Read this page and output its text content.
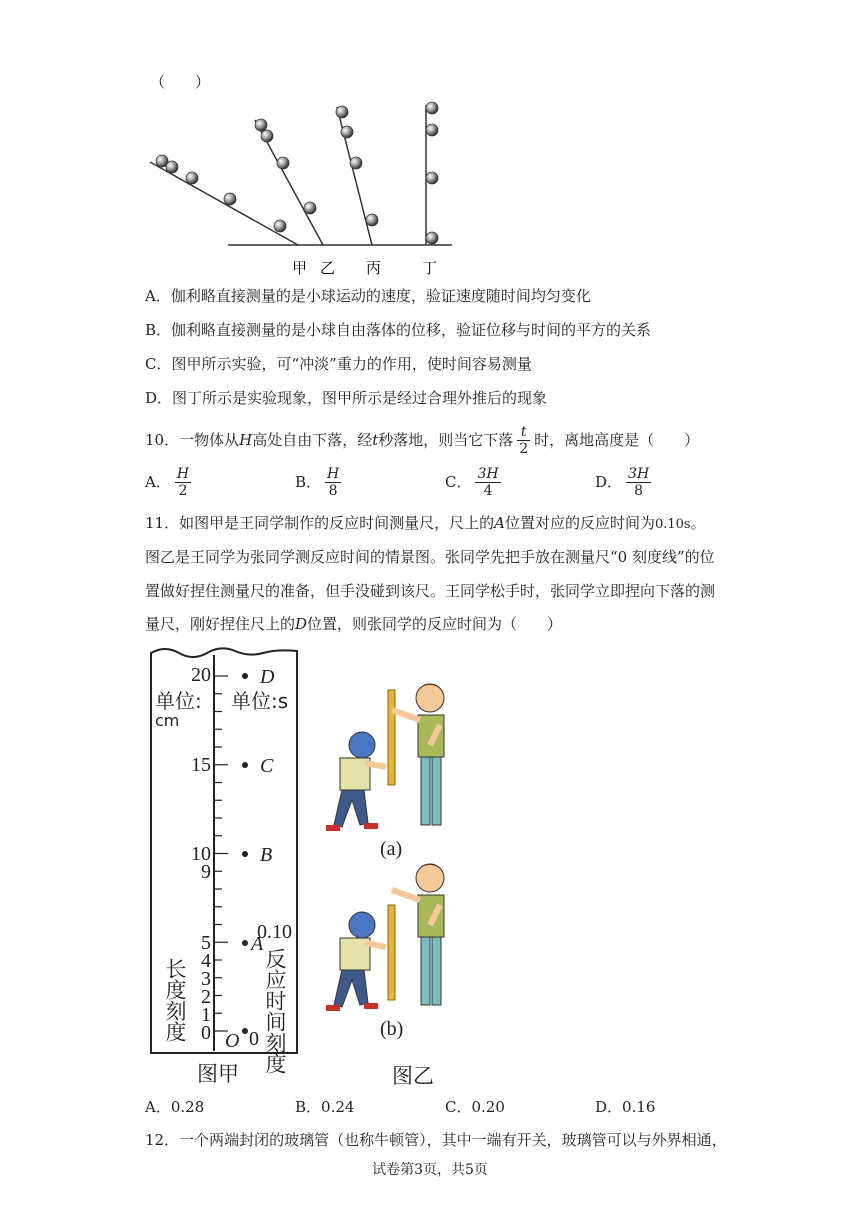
（　　）
甲 乙 丙	丁
A．伽利略直接测量的是小球运动的速度，验证速度随时间均匀变化
B．伽利略直接测量的是小球自由落体的位移，验证位移与时间的平方的关系
C．图甲所示实验，可“冲淡”重力的作用，使时间容易测量
D．图丁所示是实验现象，图甲所示是经过合理外推后的现象
10．一物体从 H 高处自由下落，经 t 秒落地，则当它下落 $\frac{t}{2}$ 时，离地高度是（　　）
A． $\frac{H}{2}$	B． $\frac{H}{8}$	C． $\frac{3H}{4}$	D． $\frac{3H}{8}$
11．如图甲是王同学制作的反应时间测量尺，尺上的A位置对应的反应时间为0.10s。
图乙是王同学为张同学测反应时间的情景图。张同学先把手放在测量尺“0 刻度线”的位
置做好捏住测量尺的准备，但手没碰到该尺。王同学松手时，张同学立即捏向下落的测
量尺，刚好捏住尺上的D位置，则张同学的反应时间为（　　）
20
15
10
9
5
4
3
2
1
0
单位:
cm
单位:s
D
C
B
A
0
0.10
O
长度刻度	反应时间刻度
图甲
(a)
(b)
图乙
A．0.28	B．0.24	C．0.20	D．0.16
12．一个两端封闭的玻璃管（也称牛顿管），其中一端有开关，玻璃管可以与外界相通，
试卷第3页，共5页
